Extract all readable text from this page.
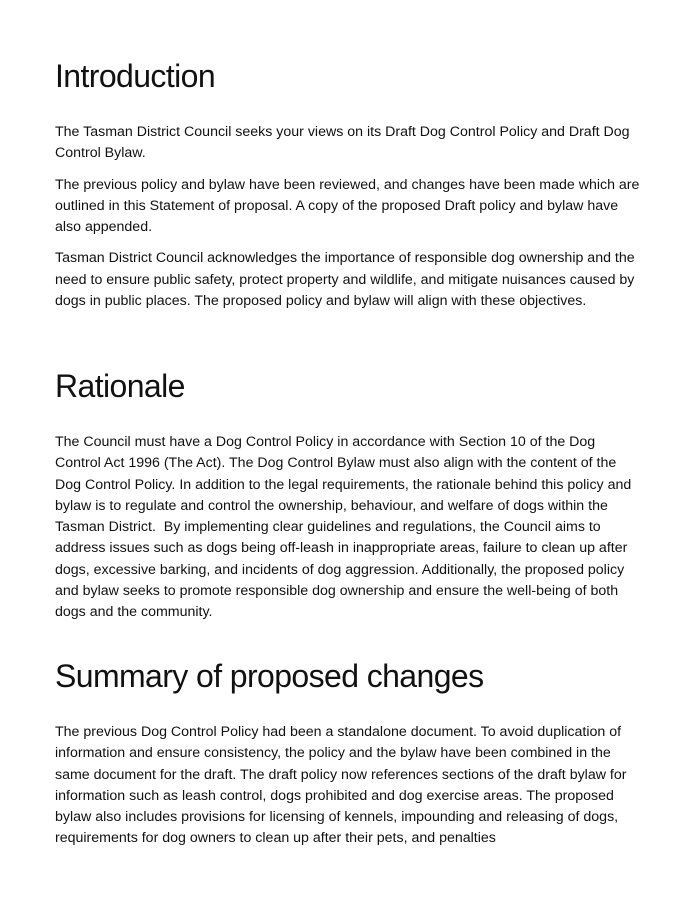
Introduction

The Tasman District Council seeks your views on its Draft Dog Control Policy and Draft Dog Control Bylaw.

The previous policy and bylaw have been reviewed, and changes have been made which are outlined in this Statement of proposal. A copy of the proposed Draft policy and bylaw have also appended.

Tasman District Council acknowledges the importance of responsible dog ownership and the need to ensure public safety, protect property and wildlife, and mitigate nuisances caused by dogs in public places. The proposed policy and bylaw will align with these objectives.

Rationale

The Council must have a Dog Control Policy in accordance with Section 10 of the Dog Control Act 1996 (The Act). The Dog Control Bylaw must also align with the content of the Dog Control Policy. In addition to the legal requirements, the rationale behind this policy and bylaw is to regulate and control the ownership, behaviour, and welfare of dogs within the Tasman District.  By implementing clear guidelines and regulations, the Council aims to address issues such as dogs being off-leash in inappropriate areas, failure to clean up after dogs, excessive barking, and incidents of dog aggression. Additionally, the proposed policy and bylaw seeks to promote responsible dog ownership and ensure the well-being of both dogs and the community.

Summary of proposed changes

The previous Dog Control Policy had been a standalone document. To avoid duplication of information and ensure consistency, the policy and the bylaw have been combined in the same document for the draft. The draft policy now references sections of the draft bylaw for information such as leash control, dogs prohibited and dog exercise areas. The proposed bylaw also includes provisions for licensing of kennels, impounding and releasing of dogs, requirements for dog owners to clean up after their pets, and penalties
